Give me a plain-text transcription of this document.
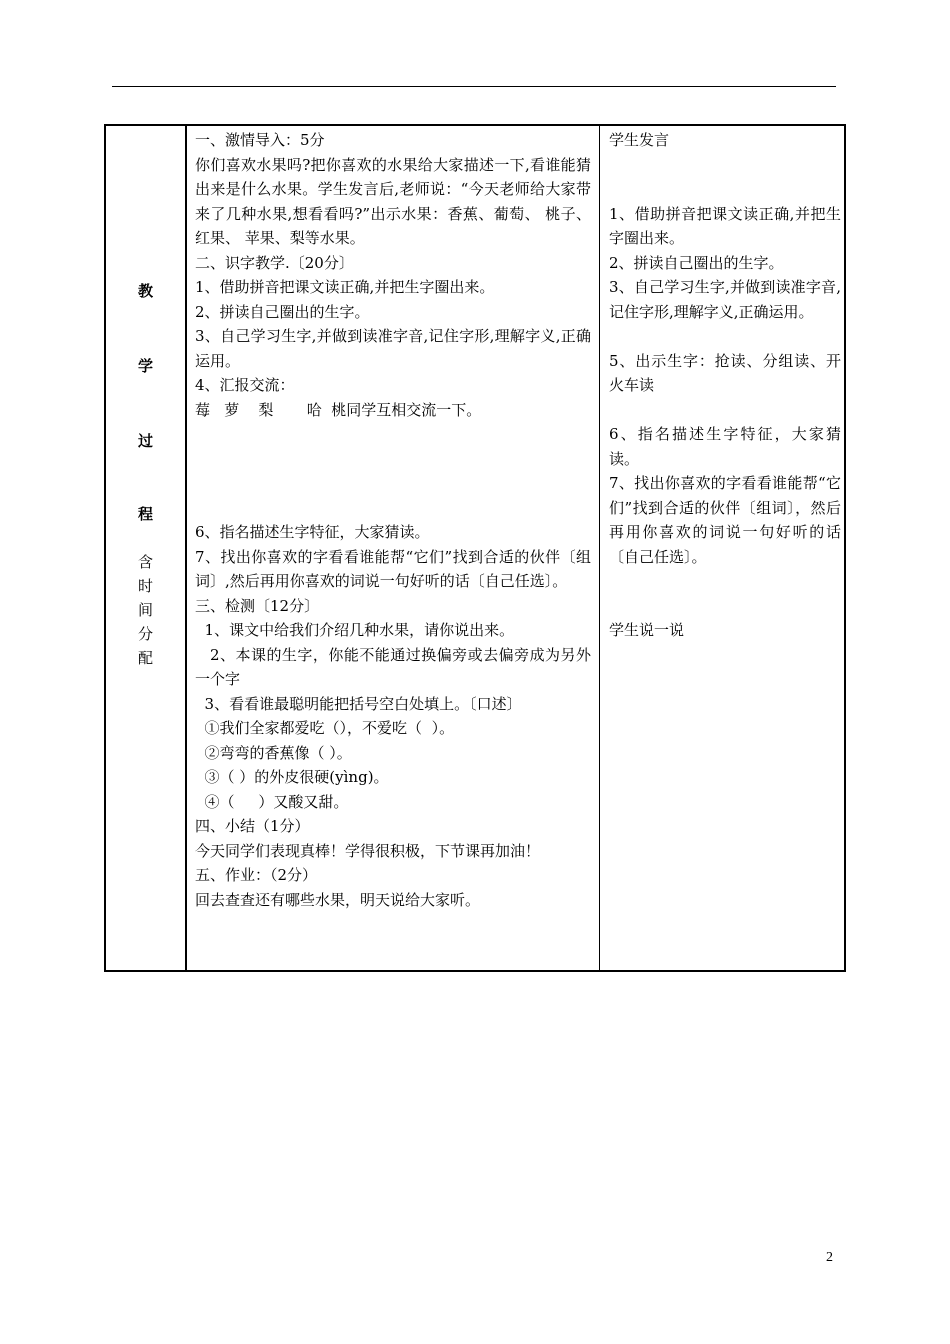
教
学
过
程
含
时
间
分
配
一、激情导入：5分
你们喜欢水果吗?把你喜欢的水果给大家描述一下,看谁能猜出来是什么水果。学生发言后,老师说：“今天老师给大家带来了几种水果,想看看吗?”出示水果：香蕉、葡萄、 桃子、 红果、 苹果、梨等水果。
二、识字教学.〔20分〕
1、借助拼音把课文读正确,并把生字圈出来。
2、拼读自己圈出的生字。
3、自己学习生字,并做到读准字音,记住字形,理解字义,正确运用。
4、汇报交流：
莓   萝    梨       哈  桃同学互相交流一下。
6、指名描述生字特征，大家猜读。
7、找出你喜欢的字看看谁能帮“它们”找到合适的伙伴〔组词〕,然后再用你喜欢的词说一句好听的话〔自己任选〕。
三、检测〔12分〕
1、课文中给我们介绍几种水果，请你说出来。
2、本课的生字，你能不能通过换偏旁或去偏旁成为另外一个字
3、看看谁最聪明能把括号空白处填上。〔口述〕
①我们全家都爱吃（），不爱吃（  ）。
②弯弯的香蕉像（ ）。
③（ ）的外皮很硬(yìng)。
④（     ）又酸又甜。
四、小结（1分）
今天同学们表现真棒！学得很积极，下节课再加油！
五、作业：（2分）
回去查查还有哪些水果，明天说给大家听。
学生发言
1、借助拼音把课文读正确,并把生字圈出来。
2、拼读自己圈出的生字。
3、自己学习生字,并做到读准字音,记住字形,理解字义,正确运用。
5、出示生字：抢读、分组读、开火车读
6、指名描述生字特征，大家猜读。
7、找出你喜欢的字看看谁能帮“它们”找到合适的伙伴〔组词〕，然后再用你喜欢的词说一句好听的话〔自己任选〕。
学生说一说
2
